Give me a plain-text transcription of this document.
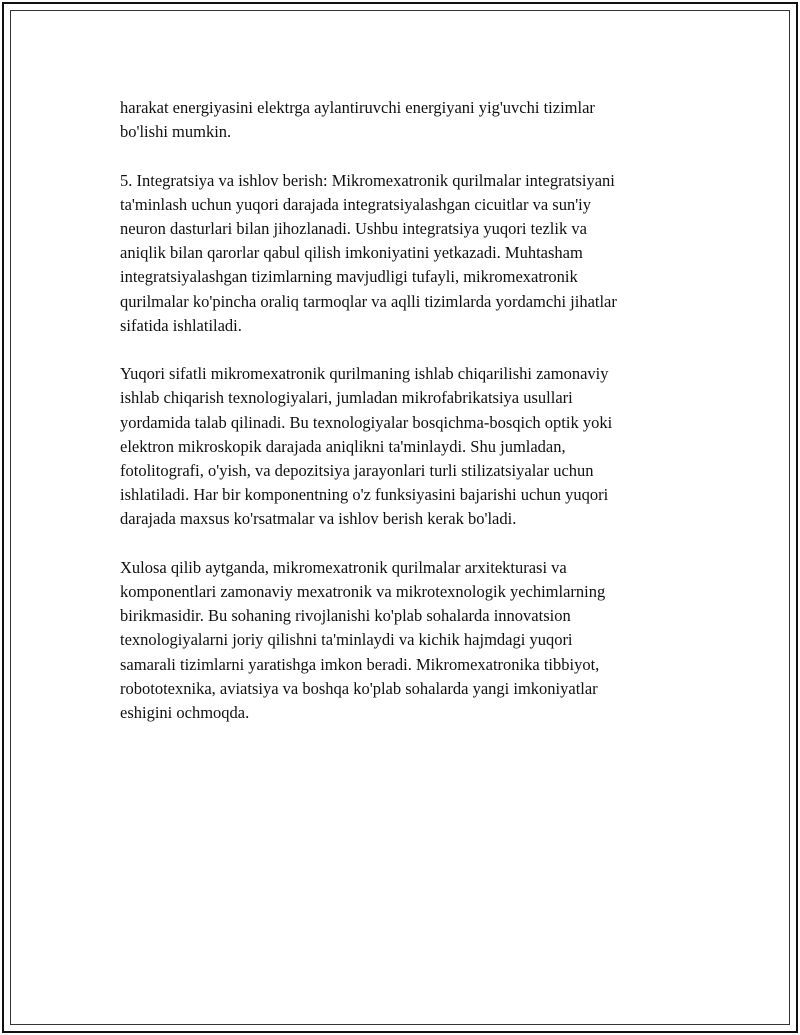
harakat energiyasini elektrga aylantiruvchi energiyani yig'uvchi tizimlar
bo'lishi mumkin.

5. Integratsiya va ishlov berish: Mikromexatronik qurilmalar integratsiyani
ta'minlash uchun yuqori darajada integratsiyalashgan cicuitlar va sun'iy
neuron dasturlari bilan jihozlanadi. Ushbu integratsiya yuqori tezlik va
aniqlik bilan qarorlar qabul qilish imkoniyatini yetkazadi. Muhtasham
integratsiyalashgan tizimlarning mavjudligi tufayli, mikromexatronik
qurilmalar ko'pincha oraliq tarmoqlar va aqlli tizimlarda yordamchi jihatlar
sifatida ishlatiladi.

Yuqori sifatli mikromexatronik qurilmaning ishlab chiqarilishi zamonaviy
ishlab chiqarish texnologiyalari, jumladan mikrofabrikatsiya usullari
yordamida talab qilinadi. Bu texnologiyalar bosqichma-bosqich optik yoki
elektron mikroskopik darajada aniqlikni ta'minlaydi. Shu jumladan,
fotolitografi, o'yish, va depozitsiya jarayonlari turli stilizatsiyalar uchun
ishlatiladi. Har bir komponentning o'z funksiyasini bajarishi uchun yuqori
darajada maxsus ko'rsatmalar va ishlov berish kerak bo'ladi.

Xulosa qilib aytganda, mikromexatronik qurilmalar arxitekturasi va
komponentlari zamonaviy mexatronik va mikrotexnologik yechimlarning
birikmasidir. Bu sohaning rivojlanishi ko'plab sohalarda innovatsion
texnologiyalarni joriy qilishni ta'minlaydi va kichik hajmdagi yuqori
samarali tizimlarni yaratishga imkon beradi. Mikromexatronika tibbiyot,
robototexnika, aviatsiya va boshqa ko'plab sohalarda yangi imkoniyatlar
eshigini ochmoqda.
